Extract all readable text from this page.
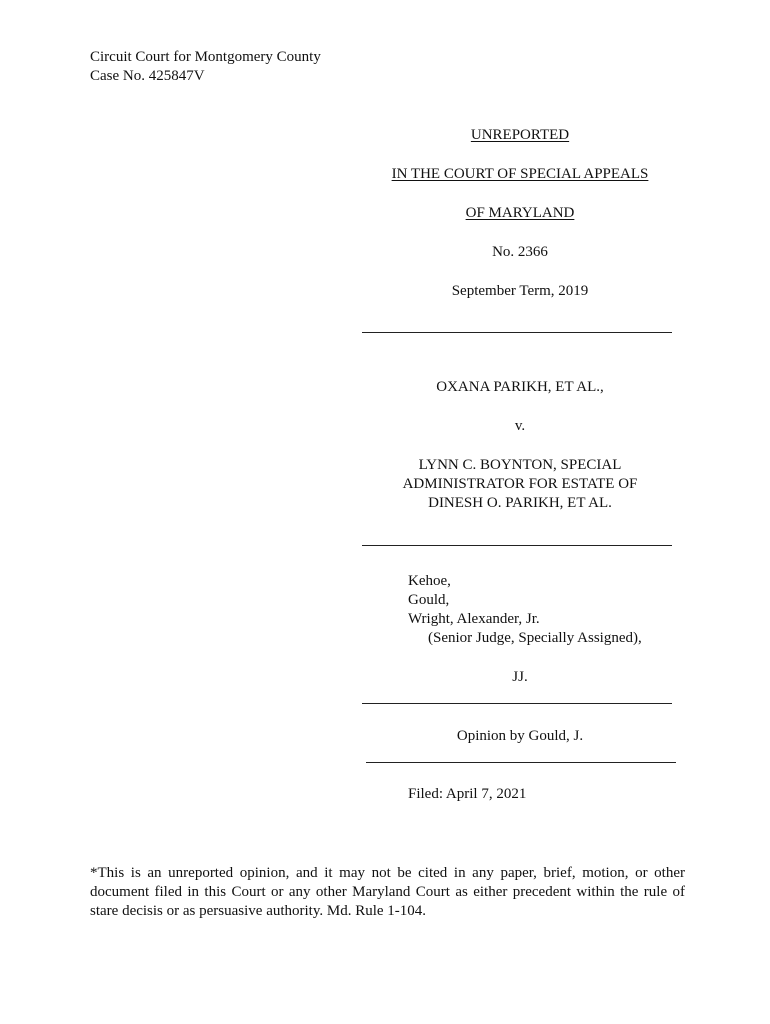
Circuit Court for Montgomery County
Case No. 425847V
UNREPORTED
IN THE COURT OF SPECIAL APPEALS
OF MARYLAND
No. 2366
September Term, 2019
OXANA PARIKH, ET AL.,
v.
LYNN C. BOYNTON, SPECIAL
ADMINISTRATOR FOR ESTATE OF
DINESH O. PARIKH, ET AL.
Kehoe,
Gould,
Wright, Alexander, Jr.
(Senior Judge, Specially Assigned),
JJ.
Opinion by Gould, J.
Filed: April 7, 2021
*This is an unreported opinion, and it may not be cited in any paper, brief, motion, or other document filed in this Court or any other Maryland Court as either precedent within the rule of stare decisis or as persuasive authority. Md. Rule 1-104.
